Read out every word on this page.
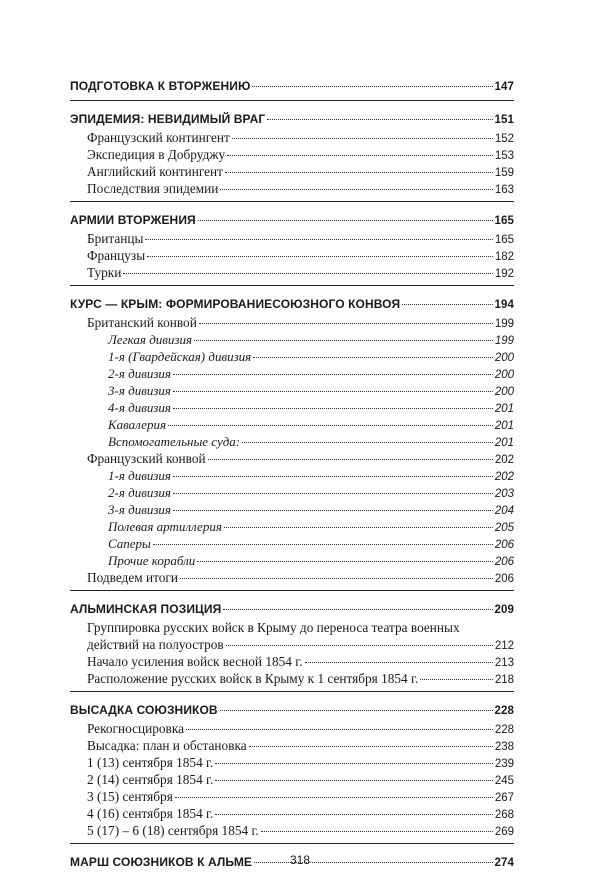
ПОДГОТОВКА К ВТОРЖЕНИЮ	147
ЭПИДЕМИЯ: НЕВИДИМЫЙ ВРАГ	151
Французский контингент	152
Экспедиция в Добруджу	153
Английский контингент	159
Последствия эпидемии	163
АРМИИ ВТОРЖЕНИЯ	165
Британцы	165
Французы	182
Турки	192
КУРС — КРЫМ: ФОРМИРОВАНИЕСОЮЗНОГО КОНВОЯ	194
Британский конвой	199
Легкая дивизия	199
1-я (Гвардейская) дивизия	200
2-я дивизия	200
3-я дивизия	200
4-я дивизия	201
Кавалерия	201
Вспомогательные суда:	201
Французский конвой	202
1-я дивизия	202
2-я дивизия	203
3-я дивизия	204
Полевая артиллерия	205
Саперы	206
Прочие корабли	206
Подведем итоги	206
АЛЬМИНСКАЯ ПОЗИЦИЯ	209
Группировка русских войск в Крыму до переноса театра военных
действий на полуостров	212
Начало усиления войск весной 1854 г.	213
Расположение русских войск в Крыму к 1 сентября 1854 г.	218
ВЫСАДКА СОЮЗНИКОВ	228
Рекогносцировка	228
Высадка: план и обстановка	238
1 (13) сентября 1854 г.	239
2 (14) сентября 1854 г.	245
3 (15) сентября	267
4 (16) сентября 1854 г.	268
5 (17) – 6 (18) сентября 1854 г.	269
МАРШ СОЮЗНИКОВ К АЛЬМЕ	274
318
